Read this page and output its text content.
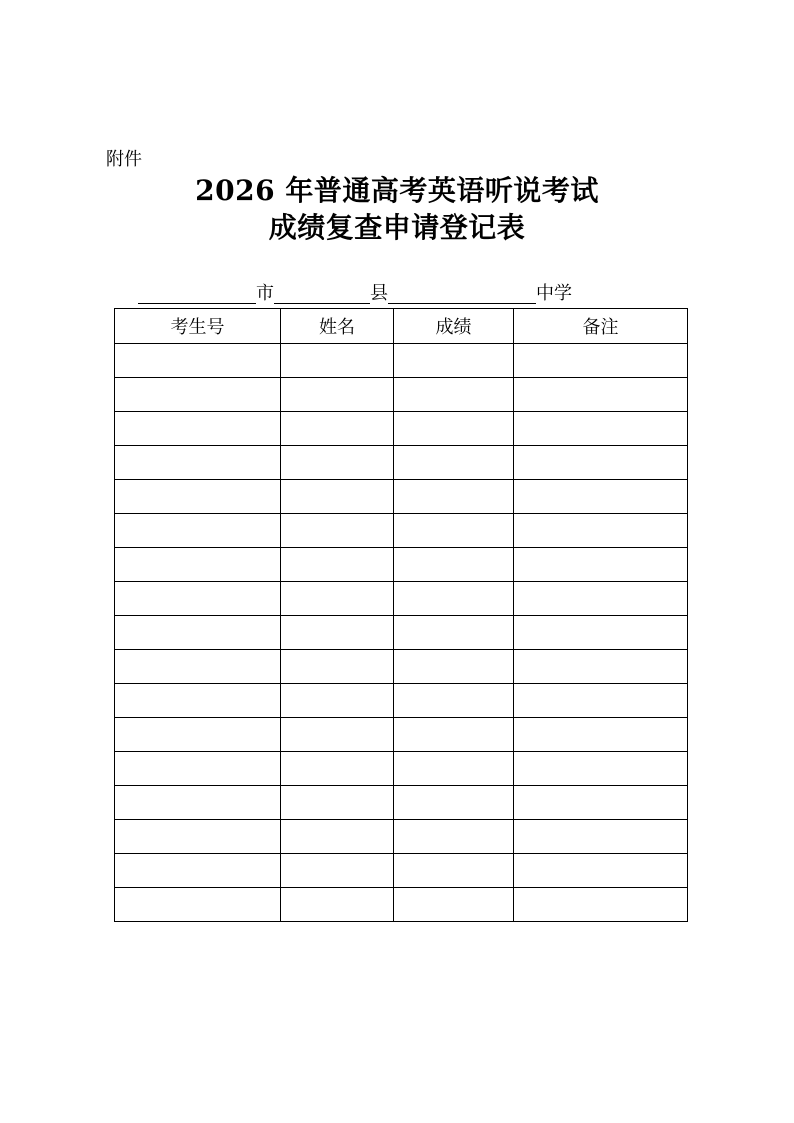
附件
2026 年普通高考英语听说考试
成绩复查申请登记表
市	县	中学
考生号	姓名	成绩	备注
